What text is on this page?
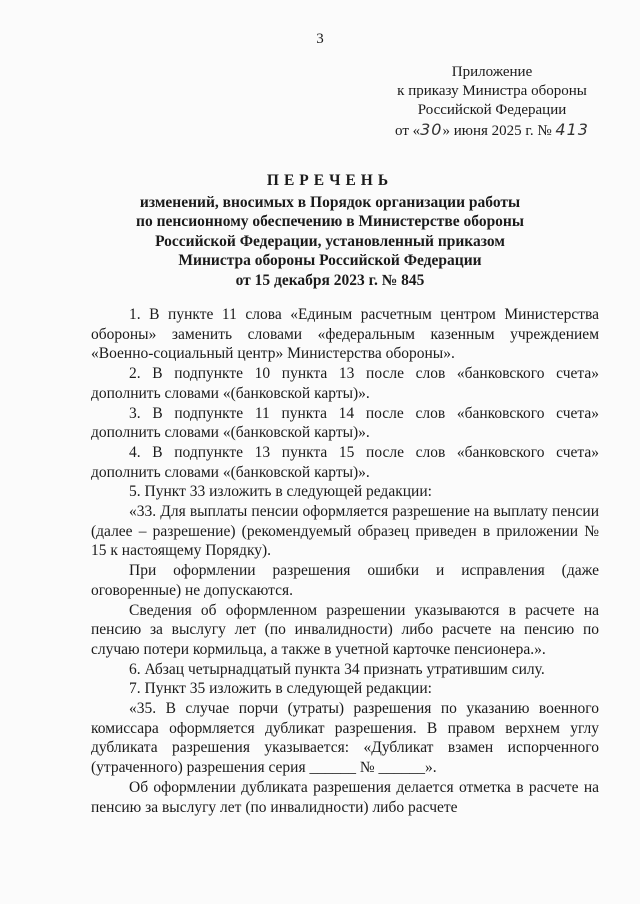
3
Приложение
к приказу Министра обороны
Российской Федерации
от «30» июня 2025 г. № 413
ПЕРЕЧЕНЬ
изменений, вносимых в Порядок организации работы
по пенсионному обеспечению в Министерстве обороны
Российской Федерации, установленный приказом
Министра обороны Российской Федерации
от 15 декабря 2023 г. № 845

1. В пункте 11 слова «Единым расчетным центром Министерства обороны» заменить словами «федеральным казенным учреждением «Военно-социальный центр» Министерства обороны».

2. В подпункте 10 пункта 13 после слов «банковского счета» дополнить словами «(банковской карты)».

3. В подпункте 11 пункта 14 после слов «банковского счета» дополнить словами «(банковской карты)».

4. В подпункте 13 пункта 15 после слов «банковского счета» дополнить словами «(банковской карты)».

5. Пункт 33 изложить в следующей редакции:

«33. Для выплаты пенсии оформляется разрешение на выплату пенсии (далее – разрешение) (рекомендуемый образец приведен в приложении № 15 к настоящему Порядку).

При оформлении разрешения ошибки и исправления (даже оговоренные) не допускаются.

Сведения об оформленном разрешении указываются в расчете на пенсию за выслугу лет (по инвалидности) либо расчете на пенсию по случаю потери кормильца, а также в учетной карточке пенсионера.».

6. Абзац четырнадцатый пункта 34 признать утратившим силу.

7. Пункт 35 изложить в следующей редакции:

«35. В случае порчи (утраты) разрешения по указанию военного комиссара оформляется дубликат разрешения. В правом верхнем углу дубликата разрешения указывается: «Дубликат взамен испорченного (утраченного) разрешения серия ______ № ______».

Об оформлении дубликата разрешения делается отметка в расчете на пенсию за выслугу лет (по инвалидности) либо расчете
